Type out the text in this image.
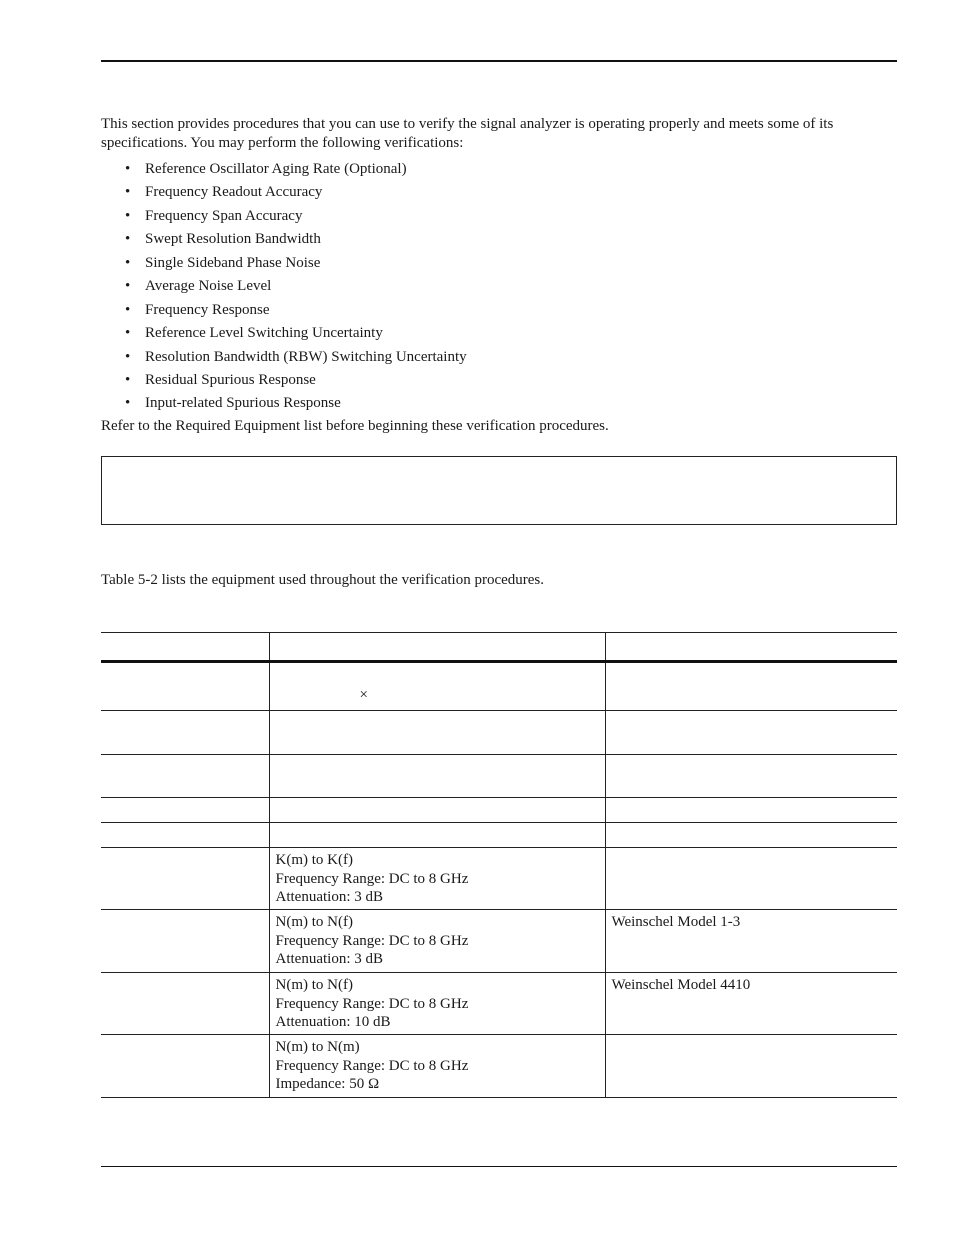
This section provides procedures that you can use to verify the signal analyzer is operating properly and meets some of its specifications. You may perform the following verifications:

• Reference Oscillator Aging Rate (Optional)
• Frequency Readout Accuracy
• Frequency Span Accuracy
• Swept Resolution Bandwidth
• Single Sideband Phase Noise
• Average Noise Level
• Frequency Response
• Reference Level Switching Uncertainty
• Resolution Bandwidth (RBW) Switching Uncertainty
• Residual Spurious Response
• Input-related Spurious Response

Refer to the Required Equipment list before beginning these verification procedures.

Table 5-2 lists the equipment used throughout the verification procedures.

	×	

	K(m) to K(f)
Frequency Range: DC to 8 GHz
Attenuation: 3 dB	

	N(m) to N(f)
Frequency Range: DC to 8 GHz
Attenuation: 3 dB	Weinschel Model 1-3

	N(m) to N(f)
Frequency Range: DC to 8 GHz
Attenuation: 10 dB	Weinschel Model 4410

	N(m) to N(m)
Frequency Range: DC to 8 GHz
Impedance: 50 Ω	
